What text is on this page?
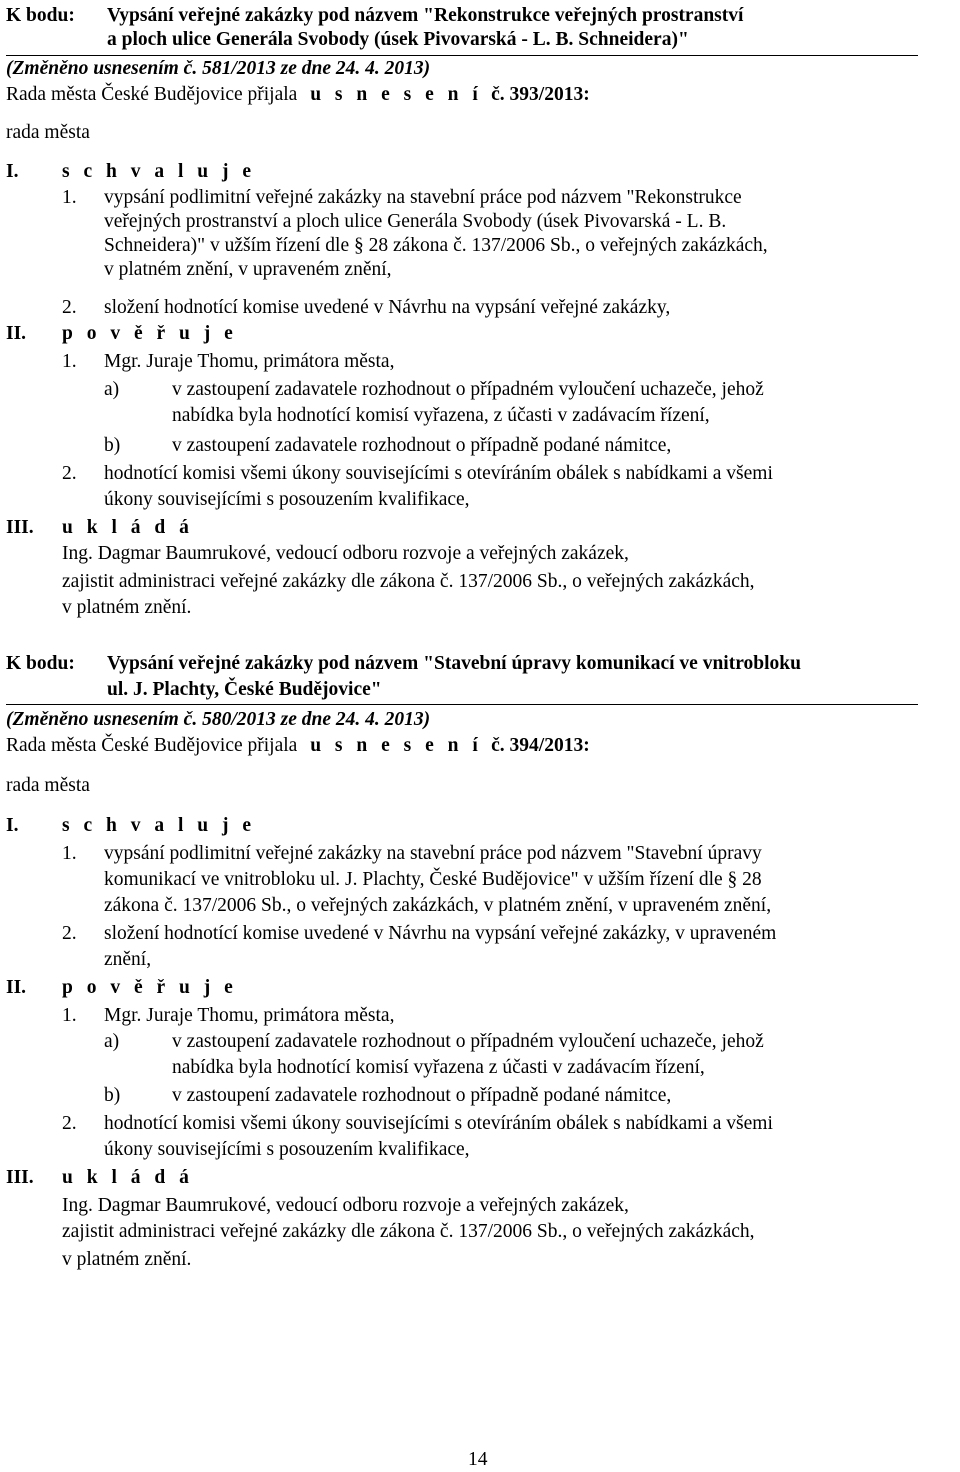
K bodu: Vypsání veřejné zakázky pod názvem "Rekonstrukce veřejných prostranství
a ploch ulice Generála Svobody (úsek Pivovarská - L. B. Schneidera)"
(Změněno usnesením č. 581/2013 ze dne 24. 4. 2013)
Rada města České Budějovice přijala u s n e s e n í č. 393/2013:
rada města
I. s c h v a l u j e
1. vypsání podlimitní veřejné zakázky na stavební práce pod názvem "Rekonstrukce
veřejných prostranství a ploch ulice Generála Svobody (úsek Pivovarská - L. B.
Schneidera)" v užším řízení dle § 28 zákona č. 137/2006 Sb., o veřejných zakázkách,
v platném znění, v upraveném znění,
2. složení hodnotící komise uvedené v Návrhu na vypsání veřejné zakázky,
II. p o v ě ř u j e
1. Mgr. Juraje Thomu, primátora města,
a)	v zastoupení zadavatele rozhodnout o případném vyloučení uchazeče, jehož
nabídka byla hodnotící komisí vyřazena, z účasti v zadávacím řízení,
b)	v zastoupení zadavatele rozhodnout o případně podané námitce,
2. hodnotící komisi všemi úkony souvisejícími s otevíráním obálek s nabídkami a všemi
úkony souvisejícími s posouzením kvalifikace,
III. u k l á d á
Ing. Dagmar Baumrukové, vedoucí odboru rozvoje a veřejných zakázek,
zajistit administraci veřejné zakázky dle zákona č. 137/2006 Sb., o veřejných zakázkách,
v platném znění.
K bodu: Vypsání veřejné zakázky pod názvem "Stavební úpravy komunikací ve vnitrobloku
ul. J. Plachty, České Budějovice"
(Změněno usnesením č. 580/2013 ze dne 24. 4. 2013)
Rada města České Budějovice přijala u s n e s e n í č. 394/2013:
rada města
I. s c h v a l u j e
1. vypsání podlimitní veřejné zakázky na stavební práce pod názvem "Stavební úpravy
komunikací ve vnitrobloku ul. J. Plachty, České Budějovice" v užším řízení dle § 28
zákona č. 137/2006 Sb., o veřejných zakázkách, v platném znění, v upraveném znění,
2. složení hodnotící komise uvedené v Návrhu na vypsání veřejné zakázky, v upraveném
znění,
II. p o v ě ř u j e
1. Mgr. Juraje Thomu, primátora města,
a)	v zastoupení zadavatele rozhodnout o případném vyloučení uchazeče, jehož
nabídka byla hodnotící komisí vyřazena z účasti v zadávacím řízení,
b)	v zastoupení zadavatele rozhodnout o případně podané námitce,
2. hodnotící komisi všemi úkony souvisejícími s otevíráním obálek s nabídkami a všemi
úkony souvisejícími s posouzením kvalifikace,
III. u k l á d á
Ing. Dagmar Baumrukové, vedoucí odboru rozvoje a veřejných zakázek,
zajistit administraci veřejné zakázky dle zákona č. 137/2006 Sb., o veřejných zakázkách,
v platném znění.
14
